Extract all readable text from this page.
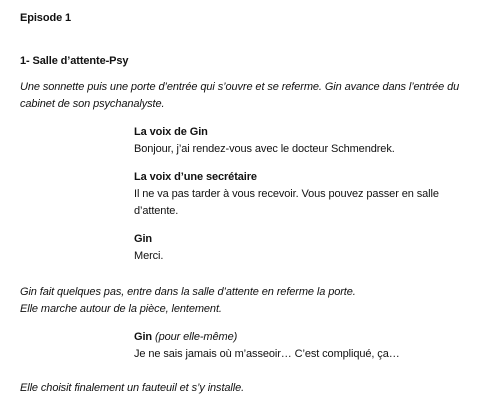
Episode 1
1- Salle d’attente-Psy
Une sonnette puis une porte d’entrée qui s’ouvre et se referme. Gin avance dans l’entrée du
cabinet de son psychanalyste.
La voix de Gin
Bonjour, j’ai rendez-vous avec le docteur Schmendrek.
La voix d’une secrétaire
Il ne va pas tarder à vous recevoir. Vous pouvez passer en salle
d’attente.
Gin
Merci.
Gin fait quelques pas, entre dans la salle d’attente en referme la porte.
Elle marche autour de la pièce, lentement.
Gin (pour elle-même)
Je ne sais jamais où m’asseoir… C’est compliqué, ça…
Elle choisit finalement un fauteuil et s’y installe.
